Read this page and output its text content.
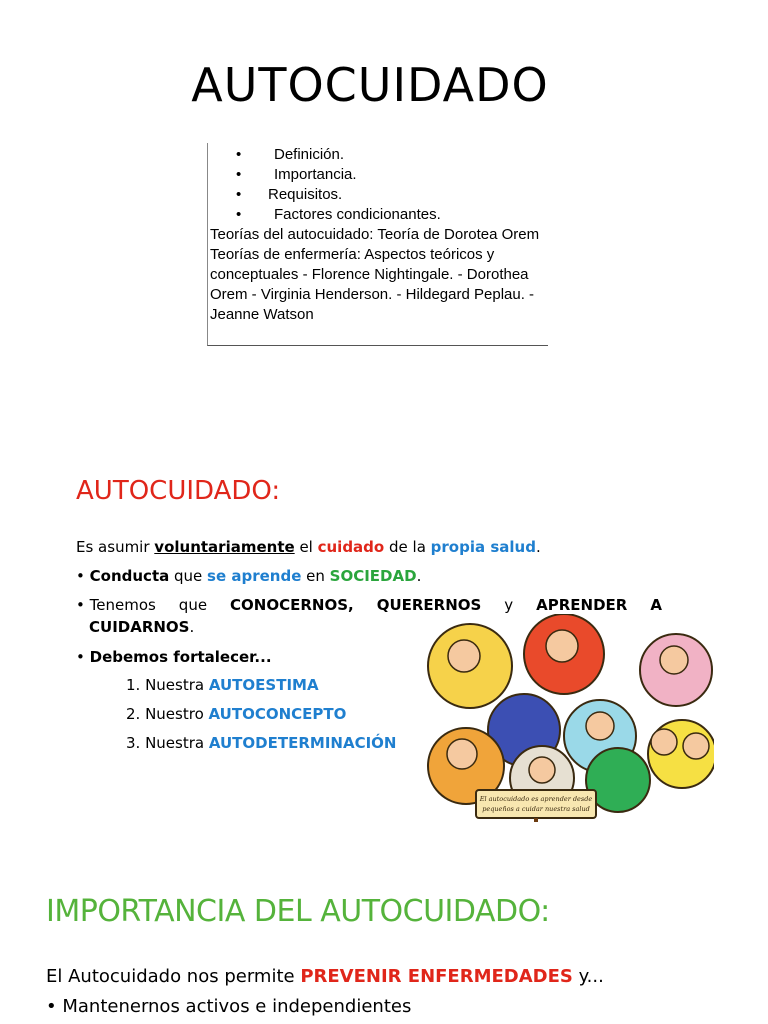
AUTOCUIDADO
• Definición.
• Importancia.
• Requisitos.
• Factores condicionantes.

Teorías del autocuidado: Teoría de Dorotea Orem Teorías de enfermería: Aspectos teóricos y conceptuales - Florence Nightingale. - Dorothea Orem - Virginia Henderson. - Hildegard Peplau. - Jeanne Watson

AUTOCUIDADO:
Es asumir voluntariamente el cuidado de la propia salud.
• Conducta que se aprende en SOCIEDAD.
• Tenemos que CONOCERNOS, QUERERNOS y APRENDER A
CUIDARNOS.
• Debemos fortalecer...
1. Nuestra AUTOESTIMA
2. Nuestro AUTOCONCEPTO
3. Nuestra AUTODETERMINACIÓN
El autocuidado es aprender desde
pequeños a cuidar nuestra salud
IMPORTANCIA DEL AUTOCUIDADO:
El Autocuidado nos permite PREVENIR ENFERMEDADES y...
• Mantenernos activos e independientes
